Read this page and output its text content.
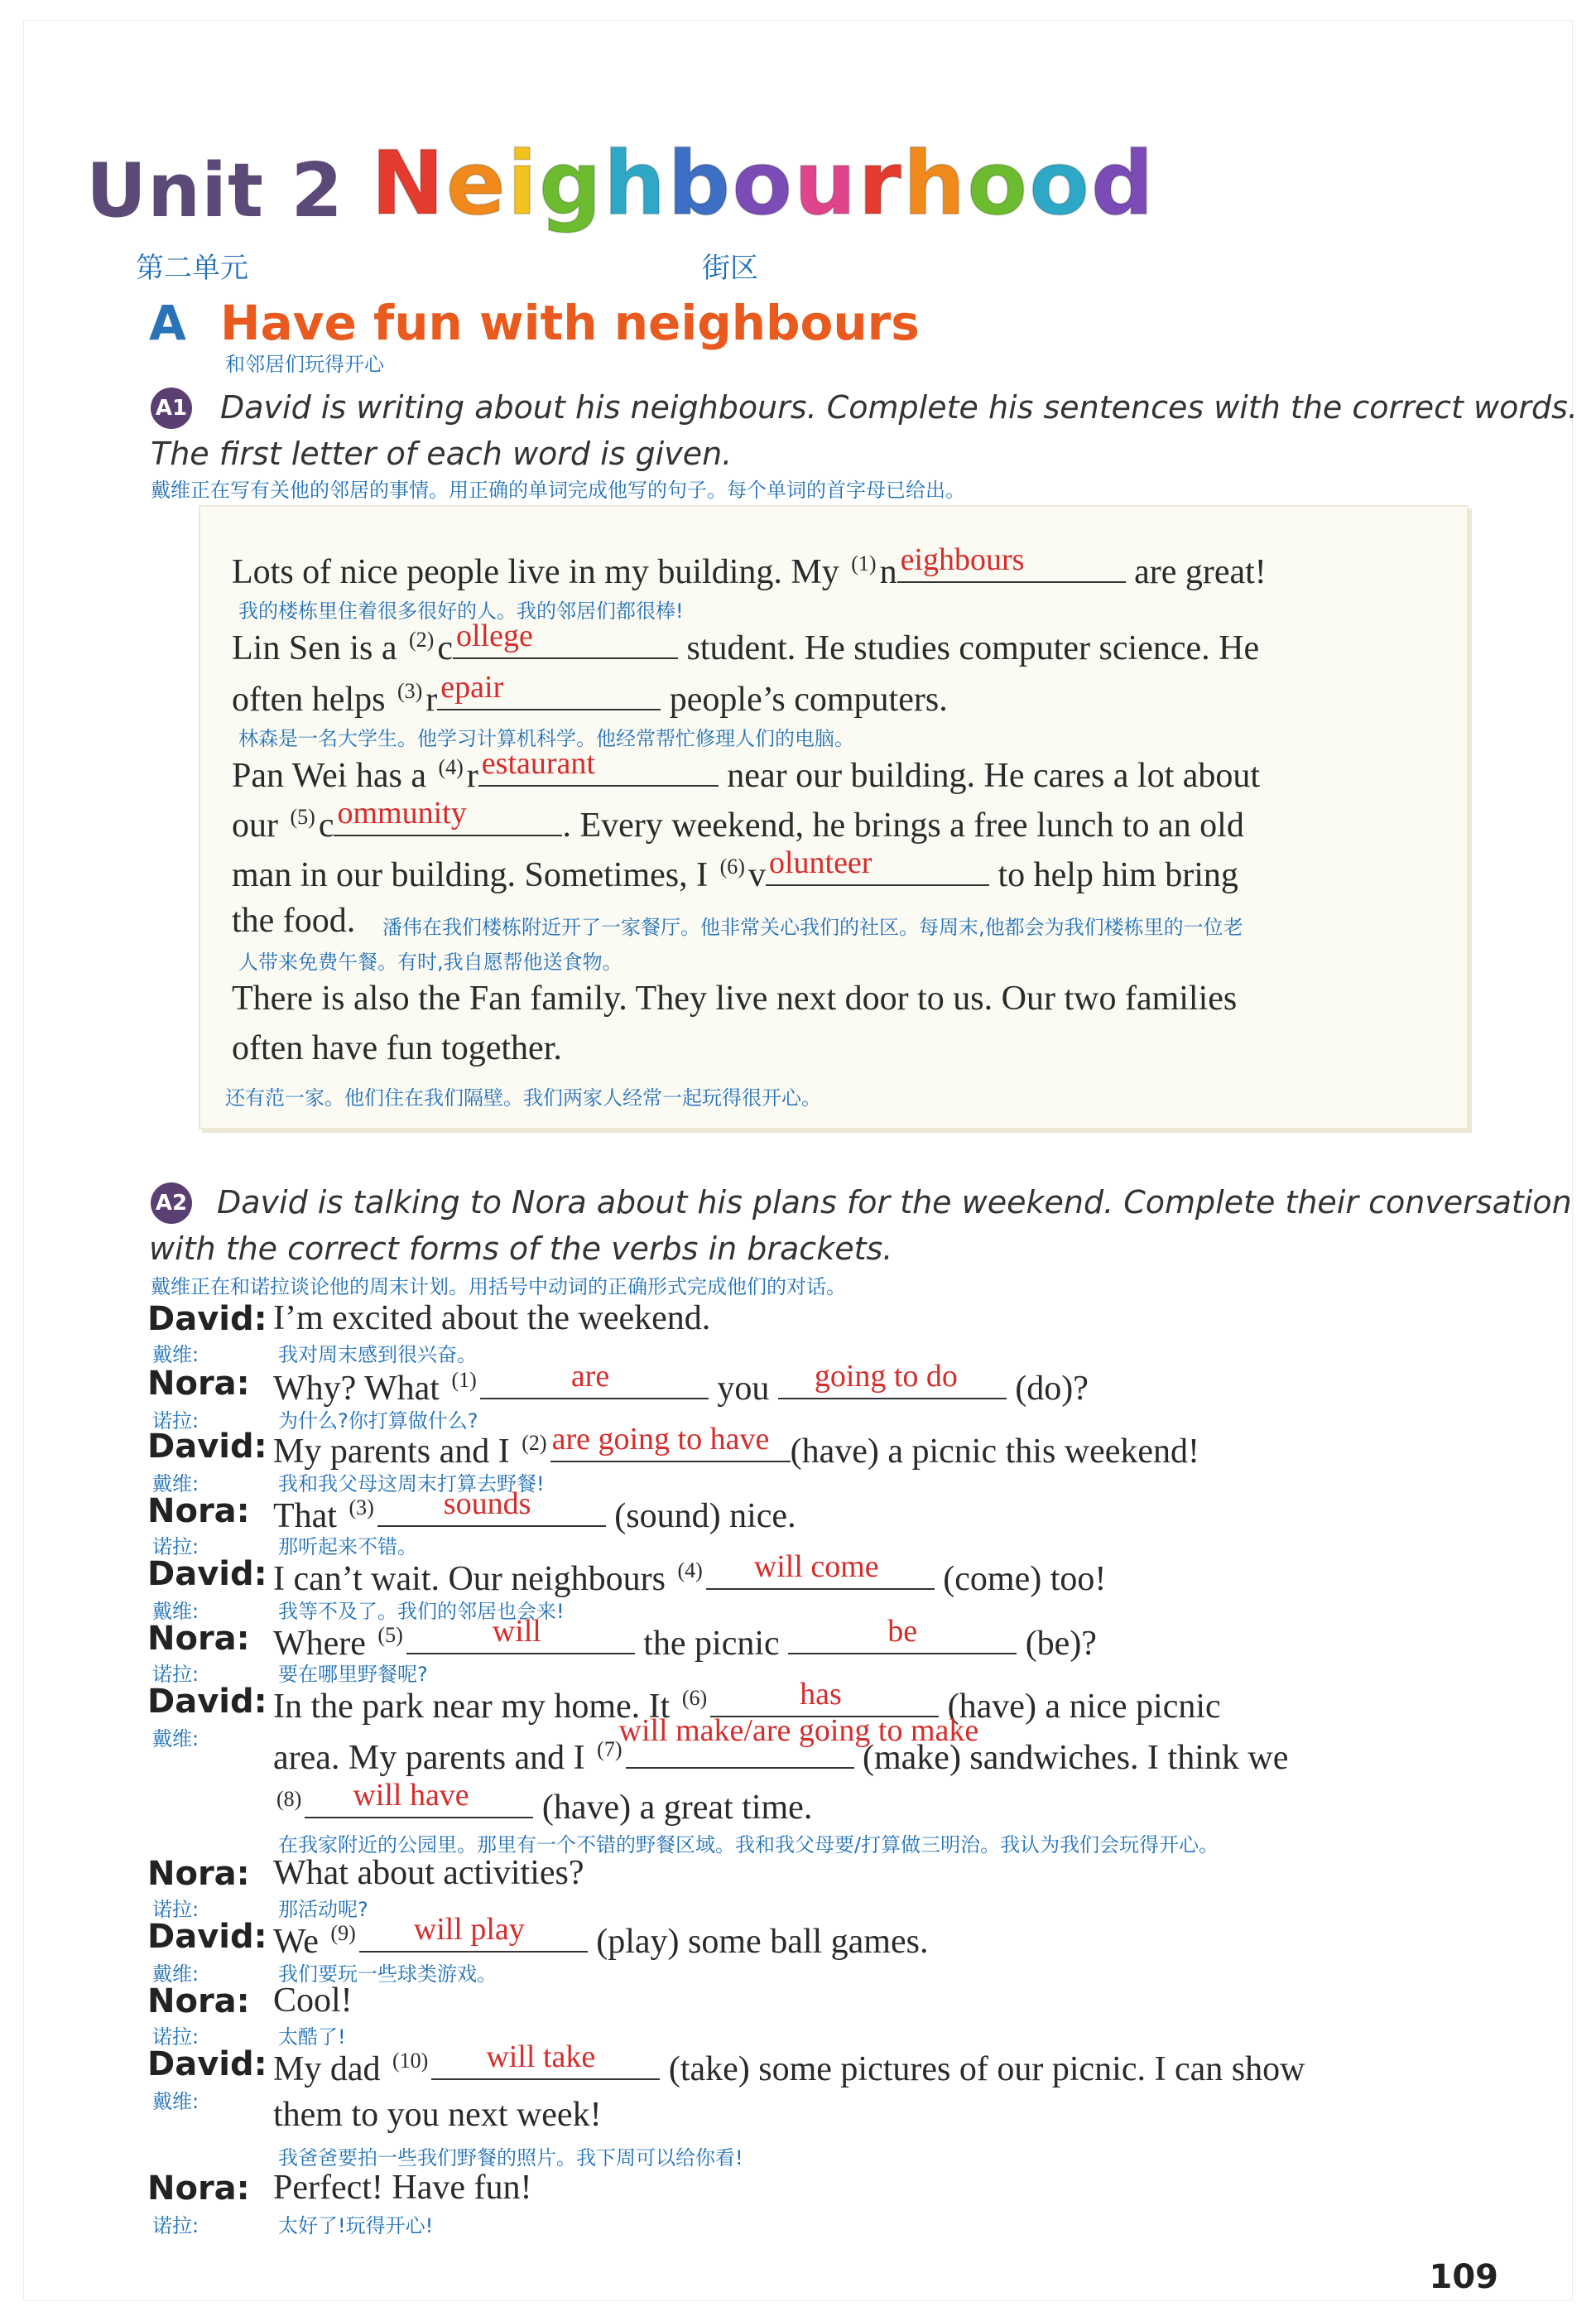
Unit 2 Neighbourhood
第二单元	街区
A Have fun with neighbours
和邻居们玩得开心
A1 David is writing about his neighbours. Complete his sentences with the correct words.
The first letter of each word is given.
戴维正在写有关他的邻居的事情。用正确的单词完成他写的句子。每个单词的首字母已给出。
Lots of nice people live in my building. My $^{(1)}$n eighbours	are great!
我的楼栋里住着很多很好的人。我的邻居们都很棒!
Lin Sen is a $^{(2)}$c ollege	student. He studies computer science. He
often helps $^{(3)}$r epair	people’s computers.
林森是一名大学生。他学习计算机科学。他经常帮忙修理人们的电脑。
Pan Wei has a $^{(4)}$r estaurant	near our building. He cares a lot about
our $^{(5)}$c ommunity	. Every weekend, he brings a free lunch to an old
man in our building. Sometimes, I $^{(6)}$v olunteer	to help him bring
the food. 潘伟在我们楼栋附近开了一家餐厅。他非常关心我们的社区。每周末,他都会为我们楼栋里的一位老
人带来免费午餐。有时,我自愿帮他送食物。
There is also the Fan family. They live next door to us. Our two families
often have fun together.
还有范一家。他们住在我们隔壁。我们两家人经常一起玩得很开心。
A2 David is talking to Nora about his plans for the weekend. Complete their conversation
with the correct forms of the verbs in brackets.
戴维正在和诺拉谈论他的周末计划。用括号中动词的正确形式完成他们的对话。
David: I’m excited about the weekend.
戴维:	我对周末感到很兴奋。
Nora: Why? What $^{(1)}$	are	you going to do (do)?
诺拉:	为什么?你打算做什么?
David: My parents and I $^{(2)}$ are going to have (have) a picnic this weekend!
戴维:	我和我父母这周末打算去野餐!
Nora: That $^{(3)}$ sounds (sound) nice.
诺拉:	那听起来不错。
David: I can’t wait. Our neighbours $^{(4)}$ will come (come) too!
戴维:	我等不及了。我们的邻居也会来!
Nora: Where $^{(5)}$	will	the picnic	be	(be)?
诺拉:	要在哪里野餐呢?
David: In the park near my home. It $^{(6)}$	has	(have) a nice picnic
戴维: area. My parents and I $^{(7)}$
will make/are going to make
(make) sandwiches. I think we
$^{(8)}$ will have (have) a great time.
在我家附近的公园里。那里有一个不错的野餐区域。我和我父母要/打算做三明治。我认为我们会玩得开心。
Nora: What about activities?
诺拉:	那活动呢?
David: We $^{(9)}$ will play (play) some ball games.
戴维:	我们要玩一些球类游戏。
Nora: Cool!
诺拉:	太酷了!
David: My dad $^{(10)}$ will take (take) some pictures of our picnic. I can show
戴维: them to you next week!
我爸爸要拍一些我们野餐的照片。我下周可以给你看!
Nora: Perfect! Have fun!
诺拉:	太好了!玩得开心!
109
